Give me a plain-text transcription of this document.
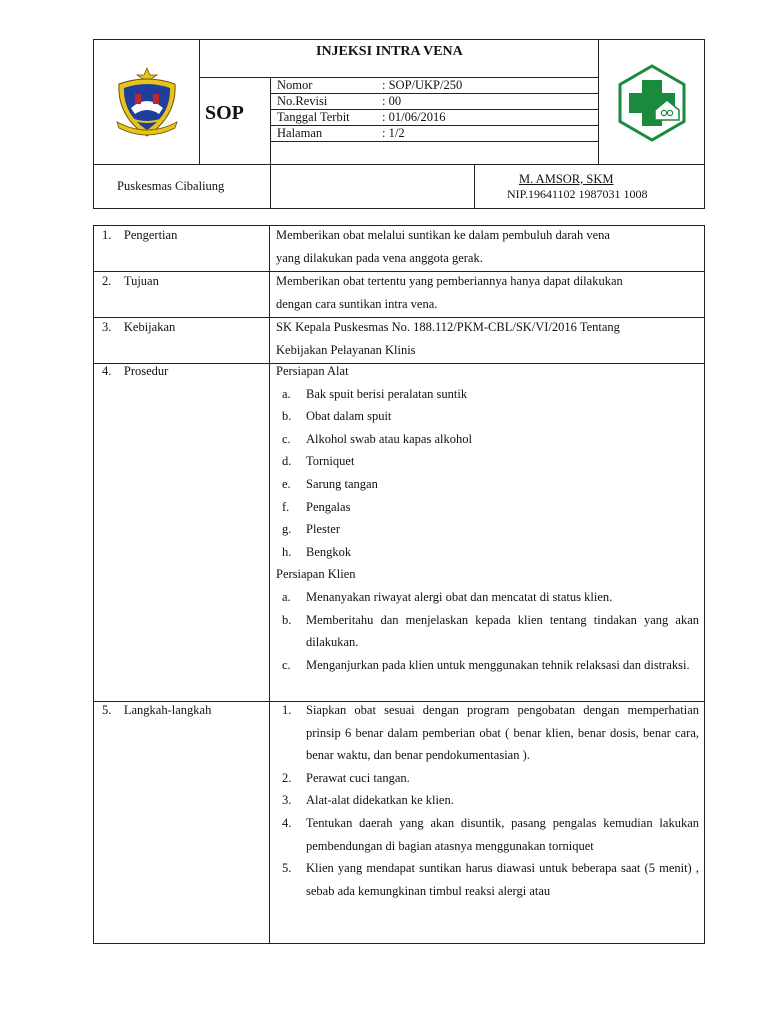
INJEKSI INTRA VENA
SOP
Nomor	: SOP/UKP/250
No.Revisi	: 00
Tanggal Terbit	: 01/06/2016
Halaman	: 1/2
Puskesmas Cibaliung	M. AMSOR, SKM
NIP.19641102 1987031 1008
1. Pengertian	Memberikan obat melalui suntikan ke dalam pembuluh darah vena
yang dilakukan pada vena anggota gerak.
2. Tujuan	Memberikan obat tertentu yang pemberiannya hanya dapat dilakukan
dengan cara suntikan intra vena.
3. Kebijakan	SK Kepala Puskesmas No. 188.112/PKM-CBL/SK/VI/2016 Tentang
Kebijakan Pelayanan Klinis
4. Prosedur	Persiapan Alat
a.	Bak spuit berisi peralatan suntik
b.	Obat dalam spuit
c.	Alkohol swab atau kapas alkohol
d.	Torniquet
e.	Sarung tangan
f.	Pengalas
g.	Plester
h.	Bengkok
Persiapan Klien
a.	Menanyakan riwayat alergi obat dan mencatat di status klien.
b.	Memberitahu dan menjelaskan kepada klien tentang tindakan yang akan dilakukan.
c.	Menganjurkan pada klien untuk menggunakan tehnik relaksasi dan distraksi.
5. Langkah-langkah	1.	Siapkan obat sesuai dengan program pengobatan dengan memperhatian prinsip 6 benar dalam pemberian obat ( benar klien, benar dosis, benar cara, benar waktu, dan benar pendokumentasian ).
2.	Perawat cuci tangan.
3.	Alat-alat didekatkan ke klien.
4.	Tentukan daerah yang akan disuntik, pasang pengalas kemudian lakukan pembendungan di bagian atasnya menggunakan torniquet
5.	Klien yang mendapat suntikan harus diawasi untuk beberapa saat (5 menit) , sebab ada kemungkinan timbul reaksi alergi atau
